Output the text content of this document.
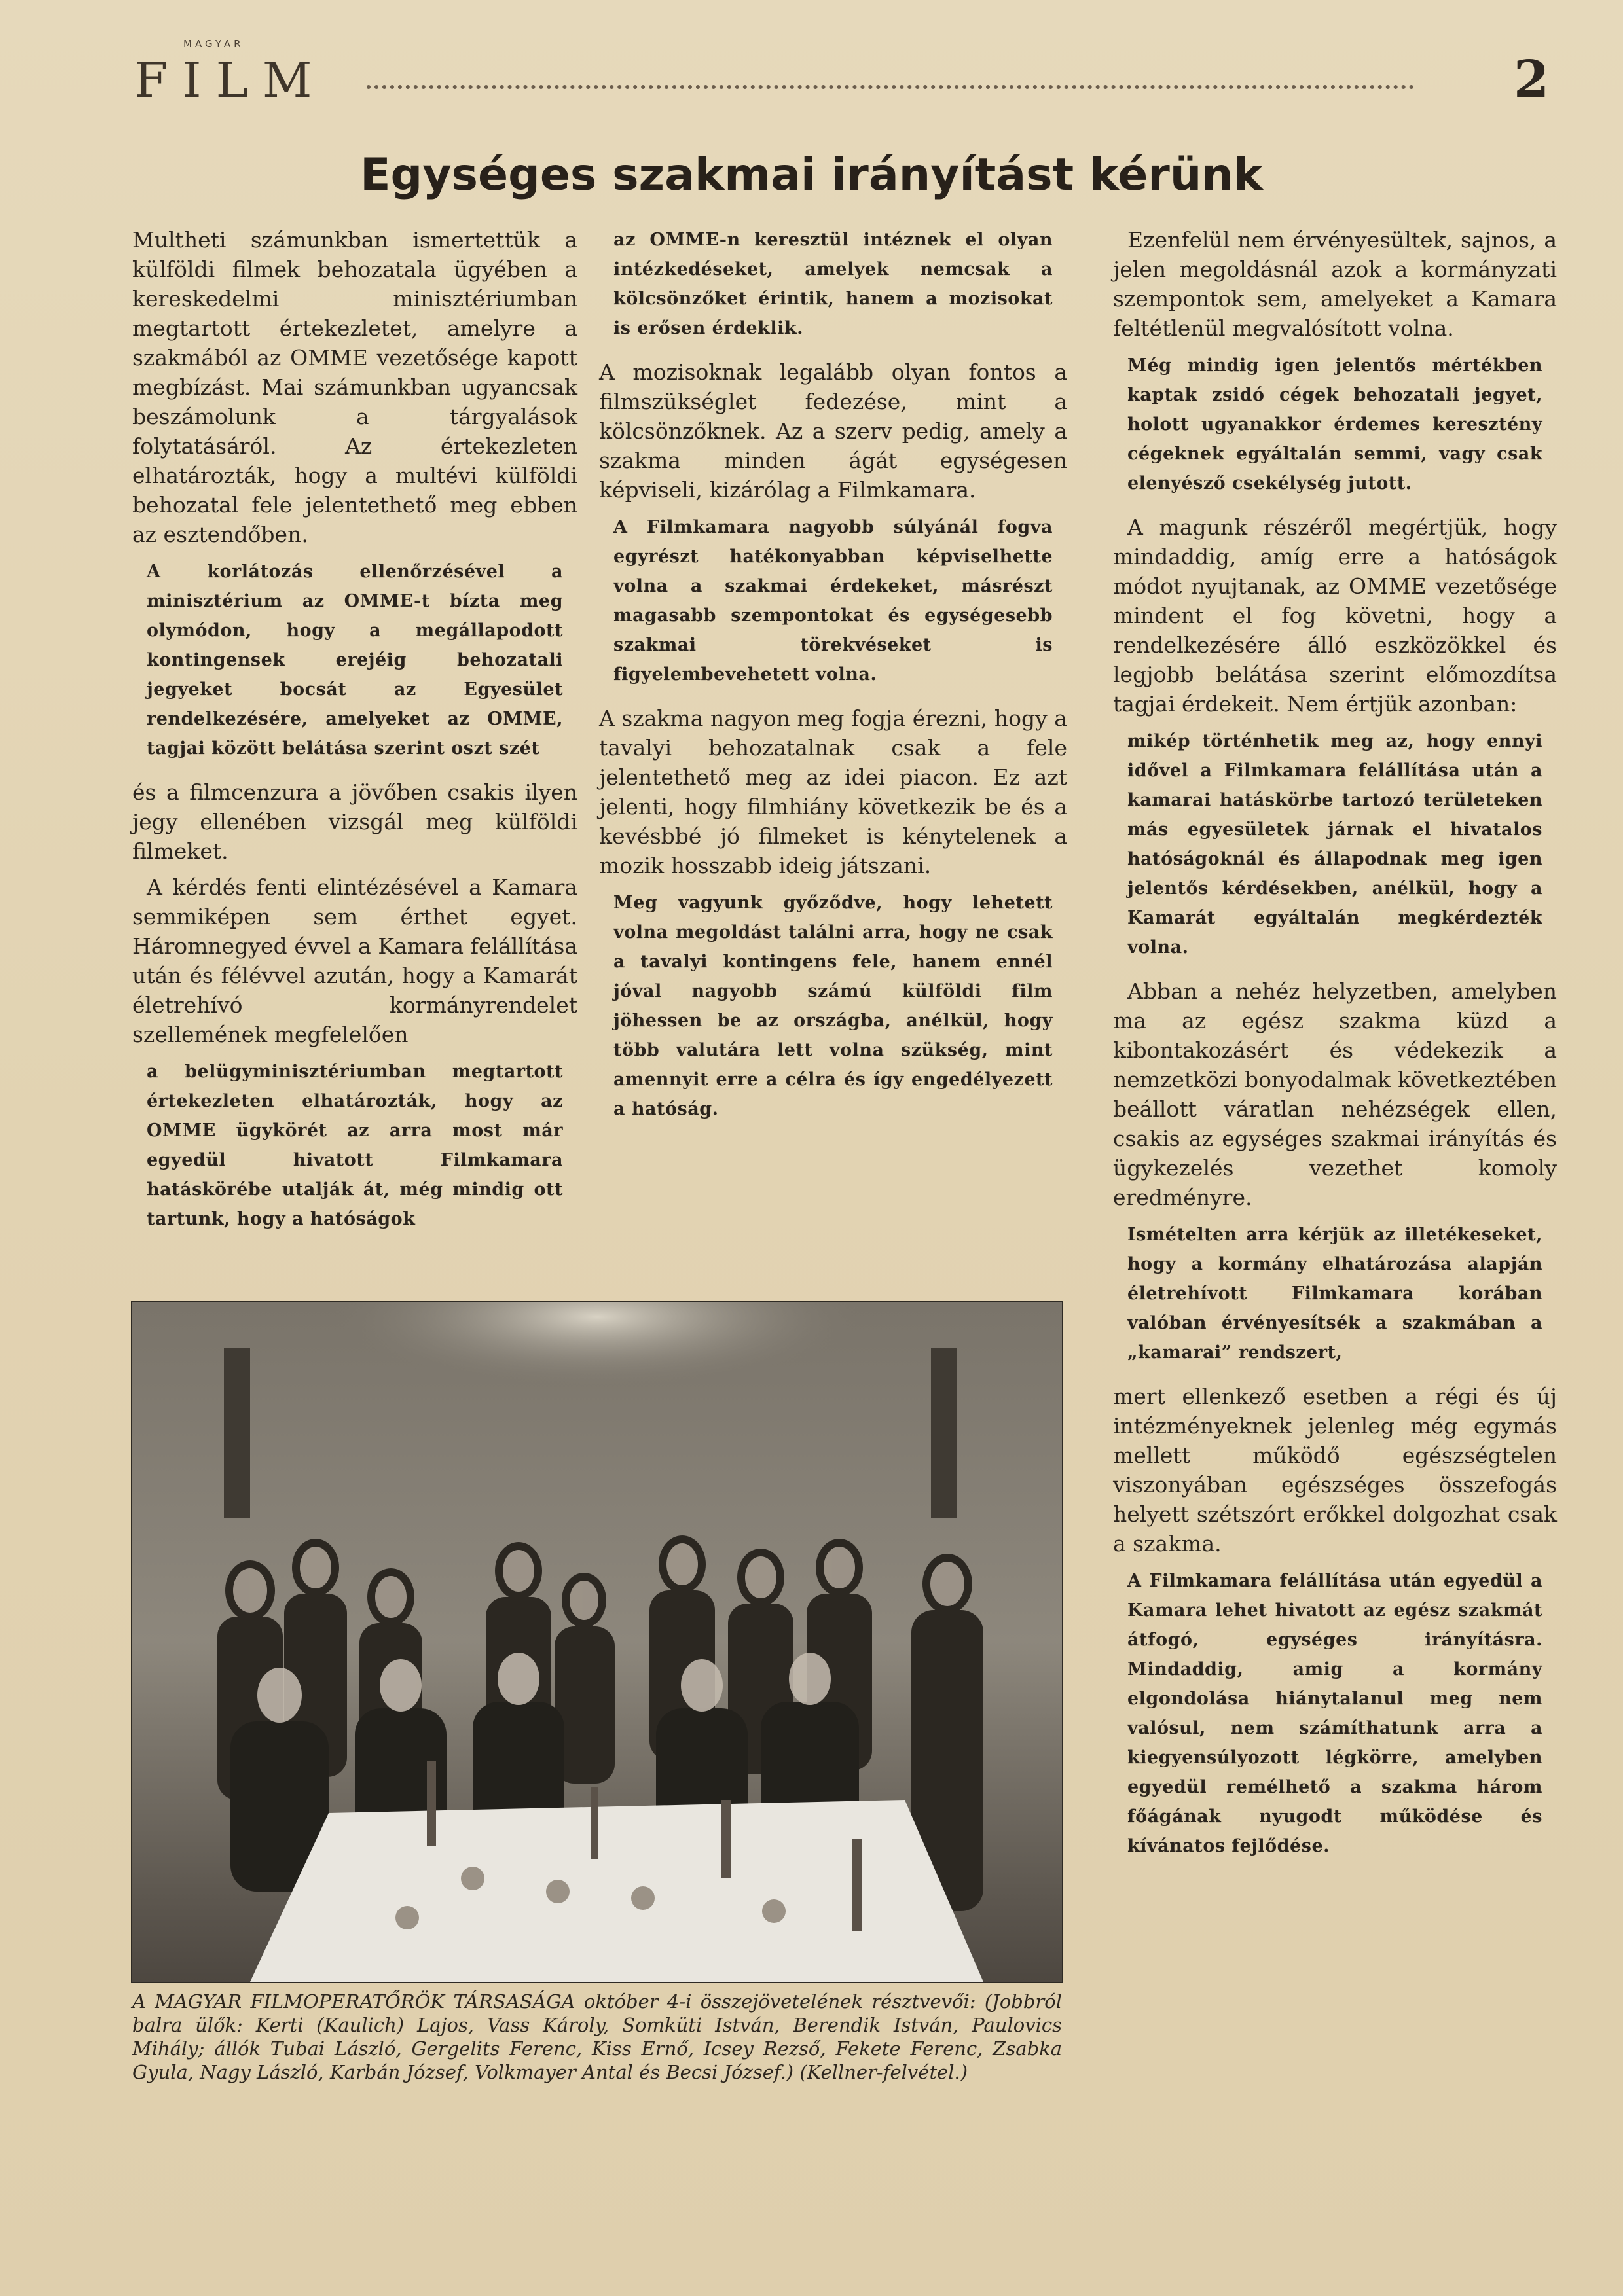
MAGYAR
FILM	2
Egységes szakmai irányítást kérünk

Multheti számunkban ismertettük a külföldi filmek behozatala ügyében a kereskedelmi minisztériumban megtartott értekezletet, amelyre a szakmából az OMME vezetősége kapott megbízást. Mai számunkban ugyancsak beszámolunk a tárgyalások folytatásáról. Az értekezleten elhatározták, hogy a multévi külföldi behozatal fele jelentethető meg ebben az esztendőben.

A korlátozás ellenőrzésével a minisztérium az OMME-t bízta meg olymódon, hogy a megállapodott kontingensek erejéig behozatali jegyeket bocsát az Egyesület rendelkezésére, amelyeket az OMME, tagjai között belátása szerint oszt szét

és a filmcenzura a jövőben csakis ilyen jegy ellenében vizsgál meg külföldi filmeket.

A kérdés fenti elintézésével a Kamara semmiképen sem érthet egyet. Háromnegyed évvel a Kamara felállítása után és félévvel azután, hogy a Kamarát életrehívó kormányrendelet szellemének megfelelően

a belügyminisztériumban megtartott értekezleten elhatározták, hogy az OMME ügykörét az arra most már egyedül hivatott Filmkamara hatáskörébe utalják át, még mindig ott tartunk, hogy a hatóságok

az OMME-n keresztül intéznek el olyan intézkedéseket, amelyek nemcsak a kölcsönzőket érintik, hanem a mozisokat is erősen érdeklik.

A mozisoknak legalább olyan fontos a filmszükséglet fedezése, mint a kölcsönzőknek. Az a szerv pedig, amely a szakma minden ágát egységesen képviseli, kizárólag a Filmkamara.

A Filmkamara nagyobb súlyánál fogva egyrészt hatékonyabban képviselhette volna a szakmai érdekeket, másrészt magasabb szempontokat és egységesebb szakmai törekvéseket is figyelembevehetett volna.

A szakma nagyon meg fogja érezni, hogy a tavalyi behozatalnak csak a fele jelentethető meg az idei piacon. Ez azt jelenti, hogy filmhiány következik be és a kevésbbé jó filmeket is kénytelenek a mozik hosszabb ideig játszani.

Meg vagyunk győződve, hogy lehetett volna megoldást találni arra, hogy ne csak a tavalyi kontingens fele, hanem ennél jóval nagyobb számú külföldi film jöhessen be az országba, anélkül, hogy több valutára lett volna szükség, mint amennyit erre a célra és így engedélyezett a hatóság.

Ezenfelül nem érvényesültek, sajnos, a jelen megoldásnál azok a kormányzati szempontok sem, amelyeket a Kamara feltétlenül megvalósított volna.

Még mindig igen jelentős mértékben kaptak zsidó cégek behozatali jegyet, holott ugyanakkor érdemes keresztény cégeknek egyáltalán semmi, vagy csak elenyésző csekélység jutott.

A magunk részéről megértjük, hogy mindaddig, amíg erre a hatóságok módot nyujtanak, az OMME vezetősége mindent el fog követni, hogy a rendelkezésére álló eszközökkel és legjobb belátása szerint előmozdítsa tagjai érdekeit. Nem értjük azonban:

mikép történhetik meg az, hogy ennyi idővel a Filmkamara felállítása után a kamarai hatáskörbe tartozó területeken más egyesületek járnak el hivatalos hatóságoknál és állapodnak meg igen jelentős kérdésekben, anélkül, hogy a Kamarát egyáltalán megkérdezték volna.

Abban a nehéz helyzetben, amelyben ma az egész szakma küzd a kibontakozásért és védekezik a nemzetközi bonyodalmak következtében beállott váratlan nehézségek ellen, csakis az egységes szakmai irányítás és ügykezelés vezethet komoly eredményre.

Ismételten arra kérjük az illetékeseket, hogy a kormány elhatározása alapján életrehívott Filmkamara korában valóban érvényesítsék a szakmában a „kamarai” rendszert,

mert ellenkező esetben a régi és új intézményeknek jelenleg még egymás mellett működő egészségtelen viszonyában egészséges összefogás helyett szétszórt erőkkel dolgozhat csak a szakma.

A Filmkamara felállítása után egyedül a Kamara lehet hivatott az egész szakmát átfogó, egységes irányításra. Mindaddig, amig a kormány elgondolása hiánytalanul meg nem valósul, nem számíthatunk arra a kiegyensúlyozott légkörre, amelyben egyedül remélhető a szakma három főágának nyugodt működése és kívánatos fejlődése.

A MAGYAR FILMOPERATŐRÖK TÁRSASÁGA október 4-i összejövetelének résztvevői: (Jobbról balra ülők: Kerti (Kaulich) Lajos, Vass Károly, Somküti István, Berendik István, Paulovics Mihály; állók Tubai László, Gergelits Ferenc, Kiss Ernő, Icsey Rezső, Fekete Ferenc, Zsabka Gyula, Nagy László, Karbán József, Volkmayer Antal és Becsi József.) (Kellner-felvétel.)
